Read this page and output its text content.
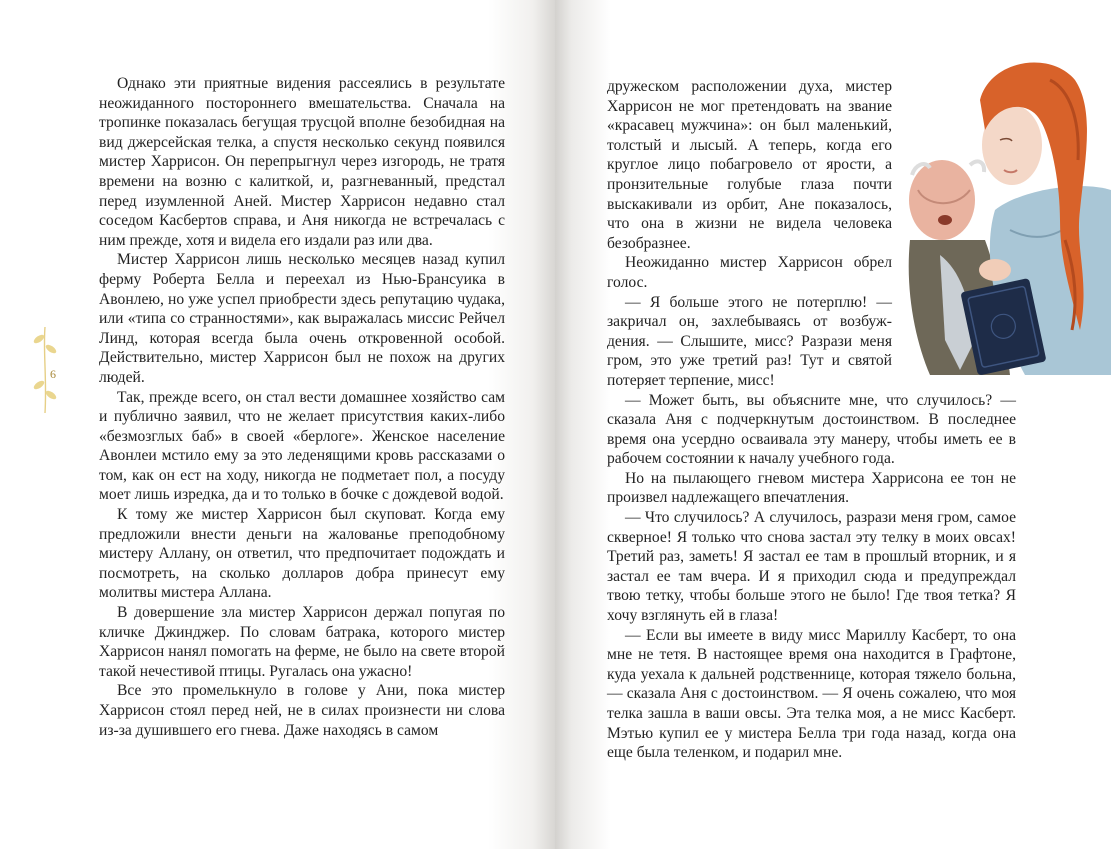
6

Однако эти приятные видения рассеялись в результате неожиданного постороннего вмешательства. Сначала на тропинке показалась бегущая трусцой вполне безобидная на вид джерсейская телка, а спустя несколько секунд появился мистер Харрисон. Он перепрыгнул через изгородь, не тратя времени на возню с калиткой, и, разгневанный, предстал перед изумленной Аней. Мистер Харрисон недавно стал соседом Касбертов справа, и Аня никогда не встречалась с ним прежде, хотя и видела его издали раз или два.

Мистер Харрисон лишь несколько месяцев назад купил ферму Роберта Белла и переехал из Нью-Брансуика в Авонлею, но уже успел приобрести здесь репутацию чудака, или «типа со странностями», как выражалась миссис Рейчел Линд, которая всегда была очень откровенной особой. Действительно, мистер Харрисон был не похож на других людей.

Так, прежде всего, он стал вести домашнее хозяйство сам и публично заявил, что не желает присутствия каких-либо «безмозглых баб» в своей «берлоге». Женское население Авонлеи мстило ему за это леденящими кровь рассказами о том, как он ест на ходу, никогда не подметает пол, а посуду моет лишь изредка, да и то только в бочке с дождевой водой.

К тому же мистер Харрисон был скуповат. Когда ему предложили внести деньги на жалованье преподобному мистеру Аллану, он ответил, что предпочитает подождать и посмотреть, на сколько долларов добра принесут ему молитвы мистера Аллана.

В довершение зла мистер Харрисон держал попугая по кличке Джинджер. По словам батрака, которого мистер Харрисон нанял помогать на ферме, не было на свете второй такой нечестивой птицы. Ругалась она ужасно!

Все это промелькнуло в голове у Ани, пока мистер Харрисон стоял перед ней, не в силах произнести ни слова из-за душившего его гнева. Даже находясь в самом

дружеском расположении духа, мистер Харрисон не мог претендовать на звание «красавец мужчина»: он был маленький, толстый и лысый. А теперь, когда его круглое лицо побагровело от ярости, а пронзительные голубые глаза почти выскакивали из орбит, Ане показалось, что она в жизни не видела человека безобразнее.

Неожиданно мистер Харрисон обрел голос.

— Я больше этого не потерплю! — закричал он, захлебываясь от возбуждения. — Слышите, мисс? Разрази меня гром, это уже третий раз! Тут и святой потеряет терпение, мисс!

— Может быть, вы объясните мне, что случилось? — сказала Аня с подчеркнутым достоинством. В последнее время она усердно осваивала эту манеру, чтобы иметь ее в рабочем состоянии к началу учебного года.

Но на пылающего гневом мистера Харрисона ее тон не произвел надлежащего впечатления.

— Что случилось? А случилось, разрази меня гром, самое скверное! Я только что снова застал эту телку в моих овсах! Третий раз, заметь! Я застал ее там в прошлый вторник, и я застал ее там вчера. И я приходил сюда и предупреждал твою тетку, чтобы больше этого не было! Где твоя тетка? Я хочу взглянуть ей в глаза!

— Если вы имеете в виду мисс Мариллу Касберт, то она мне не тетя. В настоящее время она находится в Графтоне, куда уехала к дальней родственнице, которая тяжело больна, — сказала Аня с достоинством. — Я очень сожалею, что моя телка зашла в ваши овсы. Эта телка моя, а не мисс Касберт. Мэтью купил ее у мистера Белла три года назад, когда она еще была теленком, и подарил мне.
